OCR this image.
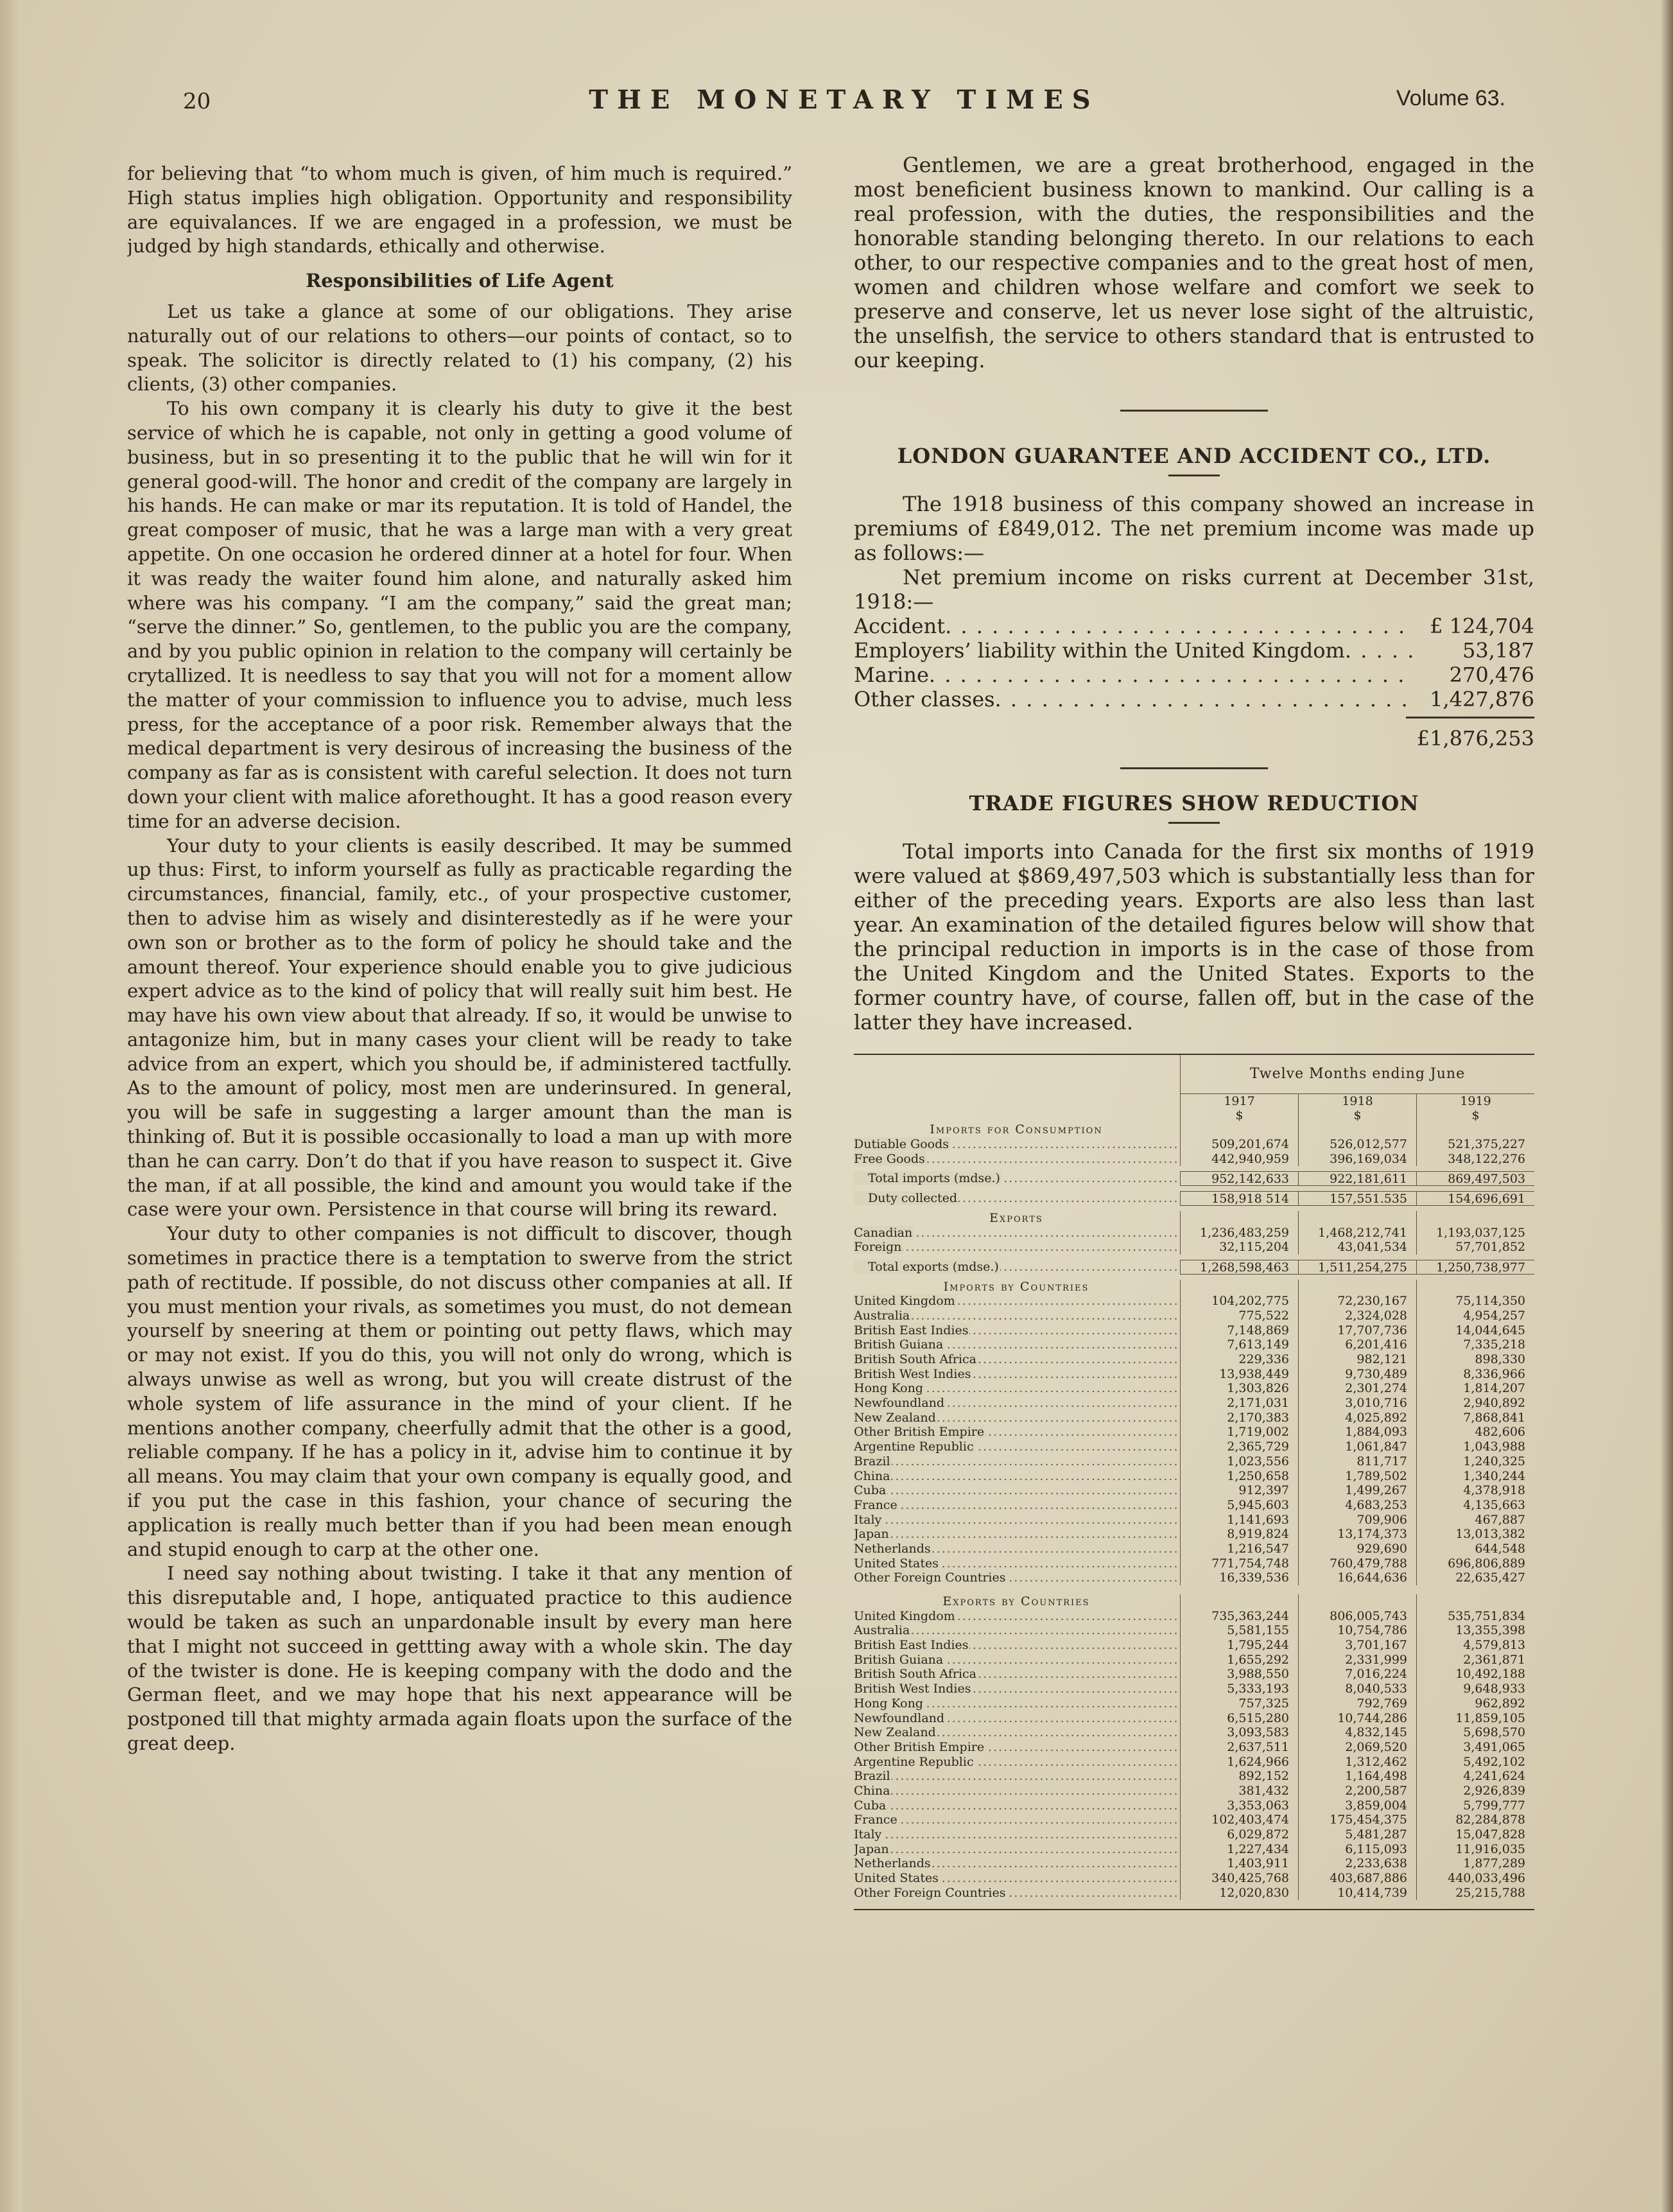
20	THE MONETARY TIMES	Volume 63.

for believing that “to whom much is given, of him much is required.” High status implies high obligation. Opportunity and responsibility are equivalances. If we are engaged in a profession, we must be judged by high standards, ethically and otherwise.

Responsibilities of Life Agent

Let us take a glance at some of our obligations. They arise naturally out of our relations to others—our points of contact, so to speak. The solicitor is directly related to (1) his company, (2) his clients, (3) other companies.

To his own company it is clearly his duty to give it the best service of which he is capable, not only in getting a good volume of business, but in so presenting it to the public that he will win for it general good-will. The honor and credit of the company are largely in his hands. He can make or mar its reputation. It is told of Handel, the great composer of music, that he was a large man with a very great appetite. On one occasion he ordered dinner at a hotel for four. When it was ready the waiter found him alone, and naturally asked him where was his company. “I am the company,” said the great man; “serve the dinner.” So, gentlemen, to the public you are the company, and by you public opinion in relation to the company will certainly be crytallized. It is needless to say that you will not for a moment allow the matter of your commission to influence you to advise, much less press, for the acceptance of a poor risk. Remember always that the medical department is very desirous of increasing the business of the company as far as is consistent with careful selection. It does not turn down your client with malice aforethought. It has a good reason every time for an adverse decision.

Your duty to your clients is easily described. It may be summed up thus: First, to inform yourself as fully as practicable regarding the circumstances, financial, family, etc., of your prospective customer, then to advise him as wisely and disinterestedly as if he were your own son or brother as to the form of policy he should take and the amount thereof. Your experience should enable you to give judicious expert advice as to the kind of policy that will really suit him best. He may have his own view about that already. If so, it would be unwise to antagonize him, but in many cases your client will be ready to take advice from an expert, which you should be, if administered tactfully. As to the amount of policy, most men are underinsured. In general, you will be safe in suggesting a larger amount than the man is thinking of. But it is possible occasionally to load a man up with more than he can carry. Don’t do that if you have reason to suspect it. Give the man, if at all possible, the kind and amount you would take if the case were your own. Persistence in that course will bring its reward.

Your duty to other companies is not difficult to discover, though sometimes in practice there is a temptation to swerve from the strict path of rectitude. If possible, do not discuss other companies at all. If you must mention your rivals, as sometimes you must, do not demean yourself by sneering at them or pointing out petty flaws, which may or may not exist. If you do this, you will not only do wrong, which is always unwise as well as wrong, but you will create distrust of the whole system of life assurance in the mind of your client. If he mentions another company, cheerfully admit that the other is a good, reliable company. If he has a policy in it, advise him to continue it by all means. You may claim that your own company is equally good, and if you put the case in this fashion, your chance of securing the application is really much better than if you had been mean enough and stupid enough to carp at the other one.

I need say nothing about twisting. I take it that any mention of this disreputable and, I hope, antiquated practice to this audience would be taken as such an unpardonable insult by every man here that I might not succeed in gettting away with a whole skin. The day of the twister is done. He is keeping company with the dodo and the German fleet, and we may hope that his next appearance will be postponed till that mighty armada again floats upon the surface of the great deep.

Gentlemen, we are a great brotherhood, engaged in the most beneficient business known to mankind. Our calling is a real profession, with the duties, the responsibilities and the honorable standing belonging thereto. In our relations to each other, to our respective companies and to the great host of men, women and children whose welfare and comfort we seek to preserve and conserve, let us never lose sight of the altruistic, the unselfish, the service to others standard that is entrusted to our keeping.

LONDON GUARANTEE AND ACCIDENT CO., LTD.

The 1918 business of this company showed an increase in premiums of £849,012. The net premium income was made up as follows:—

Net premium income on risks current at December 31st, 1918:—

Accident . . .	£ 124,704
Employers’ liability within the United Kingdom . . .	53,187
Marine . . .	270,476
Other classes . . .	1,427,876
£1,876,253
TRADE FIGURES SHOW REDUCTION

Total imports into Canada for the first six months of 1919 were valued at $869,497,503 which is substantially less than for either of the preceding years. Exports are also less than last year. An examination of the detailed figures below will show that the principal reduction in imports is in the case of those from the United Kingdom and the United States. Exports to the former country have, of course, fallen off, but in the case of the latter they have increased.

Twelve Months ending June
1917	1918	1919
$	$	$
Imports for Consumption
.....
Dutiable Goods	509,201,674	526,012,577	521,375,227
.....
Free Goods	442,940,959	396,169,034	348,122,276
.....
Total imports (mdse.)	952,142,633	922,181,611	869,497,503
.....
Duty collected	158,918 514	157,551.535	154,696,691
Exports
.....
Canadian	1,236,483,259	1,468,212,741	1,193,037,125
.....
Foreign	32,115,204	43,041,534	57,701,852
.....
Total exports (mdse.)	1,268,598,463	1,511,254,275	1,250,738,977
Imports by Countries
.....
United Kingdom	104,202,775	72,230,167	75,114,350
.....
Australia	775,522	2,324,028	4,954,257
.....
British East Indies	7,148,869	17,707,736	14,044,645
.....
British Guiana	7,613,149	6,201,416	7,335,218
.....
British South Africa	229,336	982,121	898,330
.....
British West Indies	13,938,449	9,730,489	8,336,966
.....
Hong Kong	1,303,826	2,301,274	1,814,207
.....
Newfoundland	2,171,031	3,010,716	2,940,892
.....
New Zealand	2,170,383	4,025,892	7,868,841
.....
Other British Empire	1,719,002	1,884,093	482,606
.....
Argentine Republic	2,365,729	1,061,847	1,043,988
.....
Brazil	1,023,556	811,717	1,240,325
.....
China	1,250,658	1,789,502	1,340,244
.....
Cuba	912,397	1,499,267	4,378,918
.....
France	5,945,603	4,683,253	4,135,663
.....
Italy	1,141,693	709,906	467,887
.....
Japan	8,919,824	13,174,373	13,013,382
.....
Netherlands	1,216,547	929,690	644,548
.....
United States	771,754,748	760,479,788	696,806,889
.....
Other Foreign Countries	16,339,536	16,644,636	22,635,427
Exports by Countries
.....
United Kingdom	735,363,244	806,005,743	535,751,834
.....
Australia	5,581,155	10,754,786	13,355,398
.....
British East Indies	1,795,244	3,701,167	4,579,813
.....
British Guiana	1,655,292	2,331,999	2,361,871
.....
British South Africa	3,988,550	7,016,224	10,492,188
.....
British West Indies	5,333,193	8,040,533	9,648,933
.....
Hong Kong	757,325	792,769	962,892
.....
Newfoundland	6,515,280	10,744,286	11,859,105
.....
New Zealand	3,093,583	4,832,145	5,698,570
.....
Other British Empire	2,637,511	2,069,520	3,491,065
.....
Argentine Republic	1,624,966	1,312,462	5,492,102
.....
Brazil	892,152	1,164,498	4,241,624
.....
China	381,432	2,200,587	2,926,839
.....
Cuba	3,353,063	3,859,004	5,799,777
.....
France	102,403,474	175,454,375	82,284,878
.....
Italy	6,029,872	5,481,287	15,047,828
.....
Japan	1,227,434	6,115,093	11,916,035
.....
Netherlands	1,403,911	2,233,638	1,877,289
.....
United States	340,425,768	403,687,886	440,033,496
.....
Other Foreign Countries	12,020,830	10,414,739	25,215,788
